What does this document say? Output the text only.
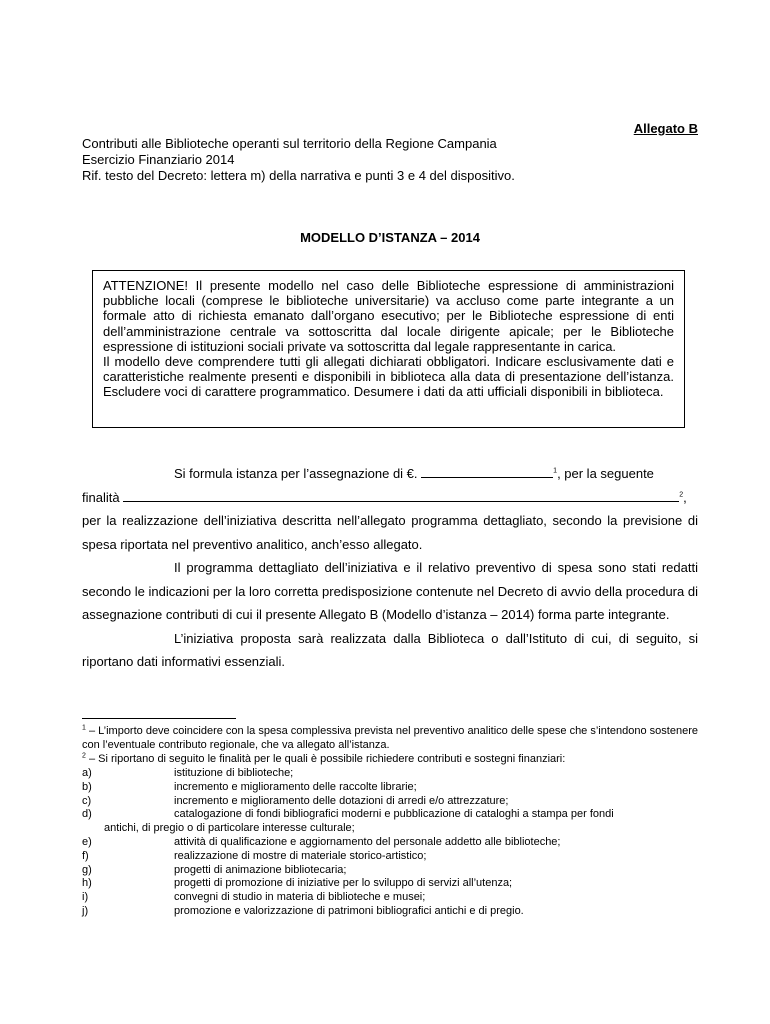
Allegato B
Contributi alle Biblioteche operanti sul territorio della Regione Campania
Esercizio Finanziario 2014
Rif. testo del Decreto: lettera m) della narrativa e punti 3 e 4 del dispositivo.
MODELLO D’ISTANZA – 2014

ATTENZIONE! Il presente modello nel caso delle Biblioteche espressione di amministrazioni pubbliche locali (comprese le biblioteche universitarie) va accluso come parte integrante a un formale atto di richiesta emanato dall’organo esecutivo; per le Biblioteche espressione di enti dell’amministrazione centrale va sottoscritta dal locale dirigente apicale; per le Biblioteche espressione di istituzioni sociali private va sottoscritta dal legale rappresentante in carica.

Il modello deve comprendere tutti gli allegati dichiarati obbligatori. Indicare esclusivamente dati e caratteristiche realmente presenti e disponibili in biblioteca alla data di presentazione dell’istanza. Escludere voci di carattere programmatico. Desumere i dati da atti ufficiali disponibili in biblioteca.

Si formula istanza per l’assegnazione di €.	$^1$, per la seguente

finalità	$^2$,

per la realizzazione dell’iniziativa descritta nell’allegato programma dettagliato, secondo la previsione di spesa riportata nel preventivo analitico, anch’esso allegato.

Il programma dettagliato dell’iniziativa e il relativo preventivo di spesa sono stati redatti secondo le indicazioni per la loro corretta predisposizione contenute nel Decreto di avvio della procedura di assegnazione contributi di cui il presente Allegato B (Modello d’istanza – 2014) forma parte integrante.

L’iniziativa proposta sarà realizzata dalla Biblioteca o dall’Istituto di cui, di seguito, si riportano dati informativi essenziali.

$^1$ – L’importo deve coincidere con la spesa complessiva prevista nel preventivo analitico delle spese che s’intendono sostenere con l’eventuale contributo regionale, che va allegato all’istanza.

$^2$ – Si riportano di seguito le finalità per le quali è possibile richiedere contributi e sostegni finanziari:

a)	istituzione di biblioteche;
b)	incremento e miglioramento delle raccolte librarie;
c)	incremento e miglioramento delle dotazioni di arredi e/o attrezzature;
d)	catalogazione di fondi bibliografici moderni e pubblicazione di cataloghi a stampa per fondi
antichi, di pregio o di particolare interesse culturale;
e)	attività di qualificazione e aggiornamento del personale addetto alle biblioteche;
f)	realizzazione di mostre di materiale storico-artistico;
g)	progetti di animazione bibliotecaria;
h)	progetti di promozione di iniziative per lo sviluppo di servizi all’utenza;
i)	convegni di studio in materia di biblioteche e musei;
j)	promozione e valorizzazione di patrimoni bibliografici antichi e di pregio.
